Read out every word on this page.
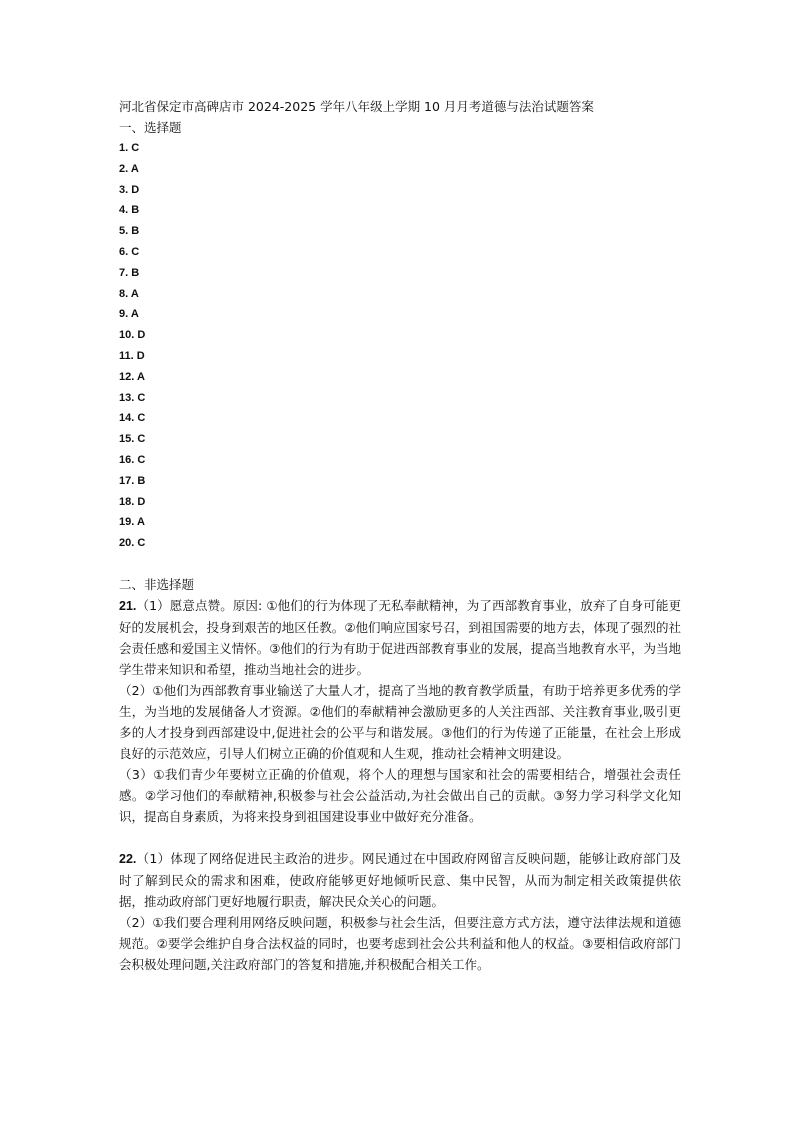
河北省保定市高碑店市 2024-2025 学年八年级上学期 10 月月考道德与法治试题答案
一、选择题
1. C
2. A
3. D
4. B
5. B
6. C
7. B
8. A
9. A
10. D
11. D
12. A
13. C
14. C
15. C
16. C
17. B
18. D
19. A
20. C
二、非选择题

21.（1）愿意点赞。原因: ①他们的行为体现了无私奉献精神，为了西部教育事业，放弃了自身可能更好的发展机会，投身到艰苦的地区任教。②他们响应国家号召，到祖国需要的地方去，体现了强烈的社会责任感和爱国主义情怀。③他们的行为有助于促进西部教育事业的发展，提高当地教育水平，为当地学生带来知识和希望，推动当地社会的进步。

（2）①他们为西部教育事业输送了大量人才，提高了当地的教育教学质量，有助于培养更多优秀的学生，为当地的发展储备人才资源。②他们的奉献精神会激励更多的人关注西部、关注教育事业,吸引更多的人才投身到西部建设中,促进社会的公平与和谐发展。③他们的行为传递了正能量，在社会上形成良好的示范效应，引导人们树立正确的价值观和人生观，推动社会精神文明建设。

（3）①我们青少年要树立正确的价值观，将个人的理想与国家和社会的需要相结合，增强社会责任感。②学习他们的奉献精神,积极参与社会公益活动,为社会做出自己的贡献。③努力学习科学文化知识，提高自身素质，为将来投身到祖国建设事业中做好充分准备。

22.（1）体现了网络促进民主政治的进步。网民通过在中国政府网留言反映问题，能够让政府部门及时了解到民众的需求和困难，使政府能够更好地倾听民意、集中民智，从而为制定相关政策提供依据，推动政府部门更好地履行职责，解决民众关心的问题。

（2）①我们要合理利用网络反映问题，积极参与社会生活，但要注意方式方法，遵守法律法规和道德规范。②要学会维护自身合法权益的同时，也要考虑到社会公共利益和他人的权益。③要相信政府部门会积极处理问题,关注政府部门的答复和措施,并积极配合相关工作。
